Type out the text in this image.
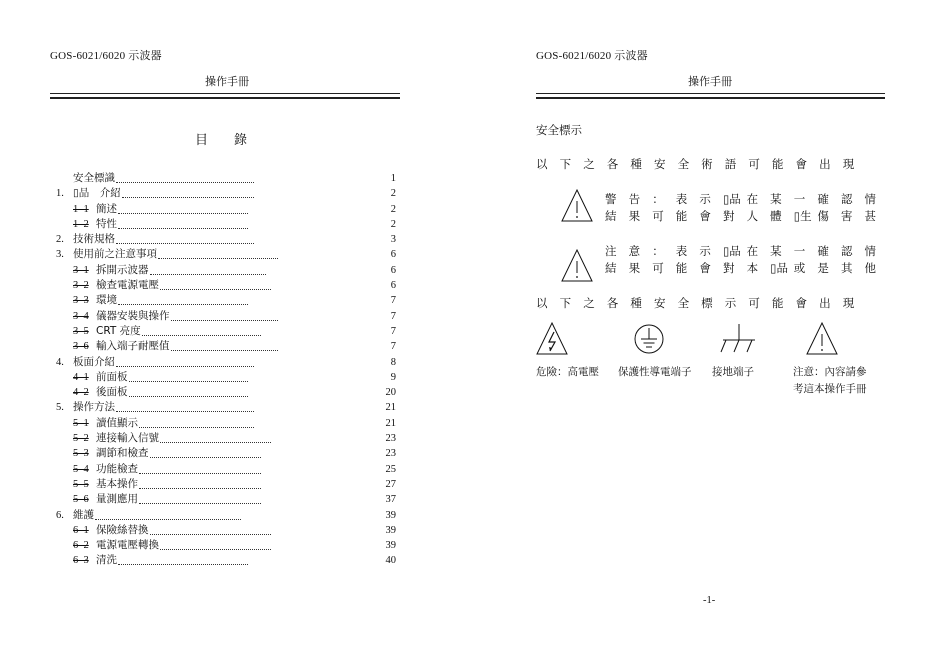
GOS-6021/6020 示波器
操作手冊
目　　錄
安全標識	1
1. ▯品　介紹	2
1–1 簡述	2
1–2 特性	2
2. 技術規格	3
3. 使用前之注意事項	6
3–1 拆開示波器	6
3–2 檢查電源電壓	6
3–3 環境	7
3–4 儀器安裝與操作	7
3–5 CRT 亮度	7
3–6 輸入端子耐壓值	7
4. 板面介紹	8
4–1 前面板	9
4–2 後面板	20
5. 操作方法	21
5–1 讀值顯示	21
5–2 連接輸入信號	23
5–3 調節和檢查	23
5–4 功能檢查	25
5–5 基本操作	27
5–6 量測應用	37
6. 維護	39
6–1 保險絲替換	39
6–2 電源電壓轉換	39
6–3 清洗	40
GOS-6021/6020 示波器
操作手冊
安全標示
以 下 之 各 種 安 全 術 語 可 能 會 出 現
警 告 ： 表 示 ▯品 在 某 一 確 認 情
結 果 可 能 會 對 人 體 ▯生 傷 害 甚
注 意 ： 表 示 ▯品 在 某 一 確 認 情
結 果 可 能 會 對 本 ▯品 或 是 其 他
以 下 之 各 種 安 全 標 示 可 能 會 出 現
危險：高電壓 保護性導電端子 接地端子	注意：內容請參
考這本操作手冊
-1-
